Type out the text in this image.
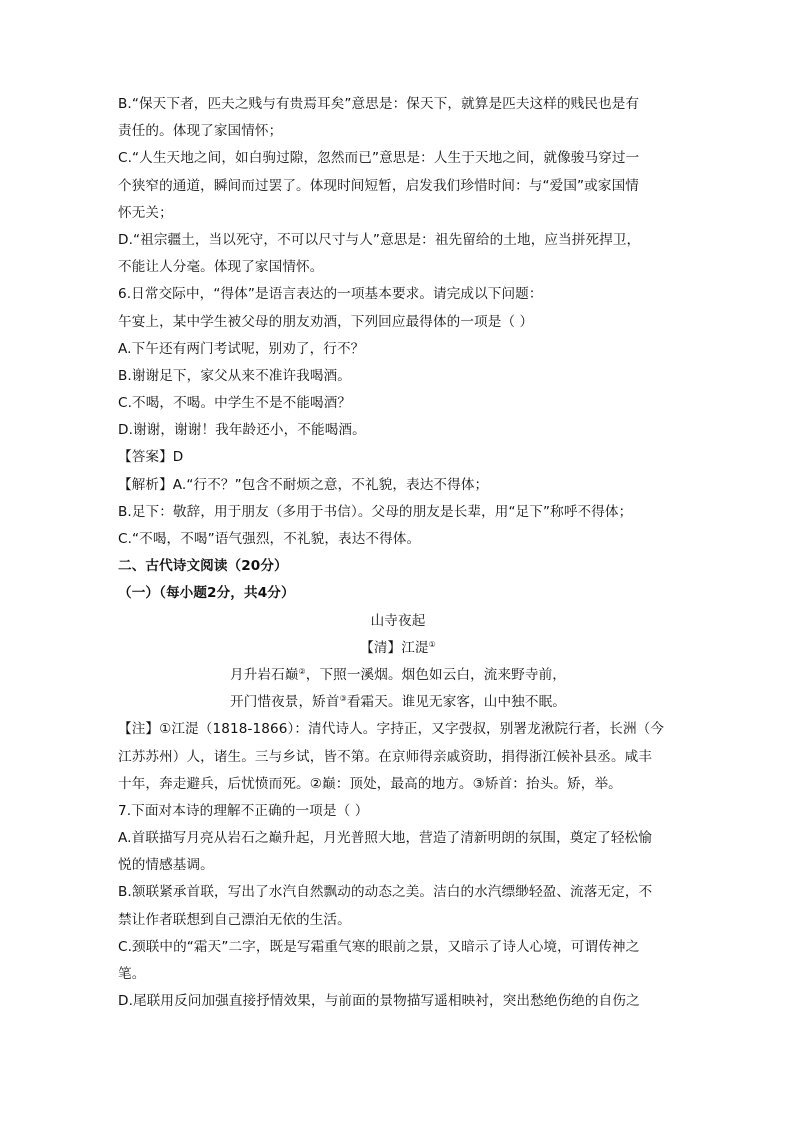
B.“保天下者，匹夫之贱与有贵焉耳矣”意思是：保天下，就算是匹夫这样的贱民也是有
责任的。体现了家国情怀；
C.“人生天地之间，如白驹过隙，忽然而已”意思是：人生于天地之间，就像骏马穿过一
个狭窄的通道，瞬间而过罢了。体现时间短暂，启发我们珍惜时间：与“爱国”或家国情
怀无关；
D.“祖宗疆土，当以死守，不可以尺寸与人”意思是：祖先留给的土地，应当拼死捍卫，
不能让人分毫。体现了家国情怀。
6.日常交际中，“得体”是语言表达的一项基本要求。请完成以下问题：
午宴上，某中学生被父母的朋友劝酒，下列回应最得体的一项是（ ）
A.下午还有两门考试呢，别劝了，行不？
B.谢谢足下，家父从来不准许我喝酒。
C.不喝，不喝。中学生不是不能喝酒？
D.谢谢，谢谢！我年龄还小，不能喝酒。
【答案】D
【解析】A.“行不？”包含不耐烦之意，不礼貌，表达不得体；
B.足下：敬辞，用于朋友（多用于书信）。父母的朋友是长辈，用“足下”称呼不得体；
C.“不喝，不喝”语气强烈，不礼貌，表达不得体。
二、古代诗文阅读（20分）
（一）（每小题2分，共4分）
山寺夜起
【清】江湜①
月升岩石巅②，下照一溪烟。烟色如云白，流来野寺前，
开门惜夜景，矫首③看霜天。谁见无家客，山中独不眠。
【注】①江湜（1818-1866）：清代诗人。字持正，又字弢叔，别署龙湫院行者，长洲（今
江苏苏州）人，诸生。三与乡试，皆不第。在京师得亲戚资助，捐得浙江候补县丞。咸丰
十年，奔走避兵，后忧愤而死。②巅：顶处，最高的地方。③矫首：抬头。矫，举。
7.下面对本诗的理解不正确的一项是（ ）
A.首联描写月亮从岩石之巅升起，月光普照大地，营造了清新明朗的氛围，奠定了轻松愉
悦的情感基调。
B.颔联紧承首联，写出了水汽自然飘动的动态之美。洁白的水汽缥缈轻盈、流落无定，不
禁让作者联想到自己漂泊无依的生活。
C.颈联中的“霜天”二字，既是写霜重气寒的眼前之景，又暗示了诗人心境，可谓传神之
笔。
D.尾联用反问加强直接抒情效果，与前面的景物描写遥相映衬，突出愁绝伤绝的自伤之
